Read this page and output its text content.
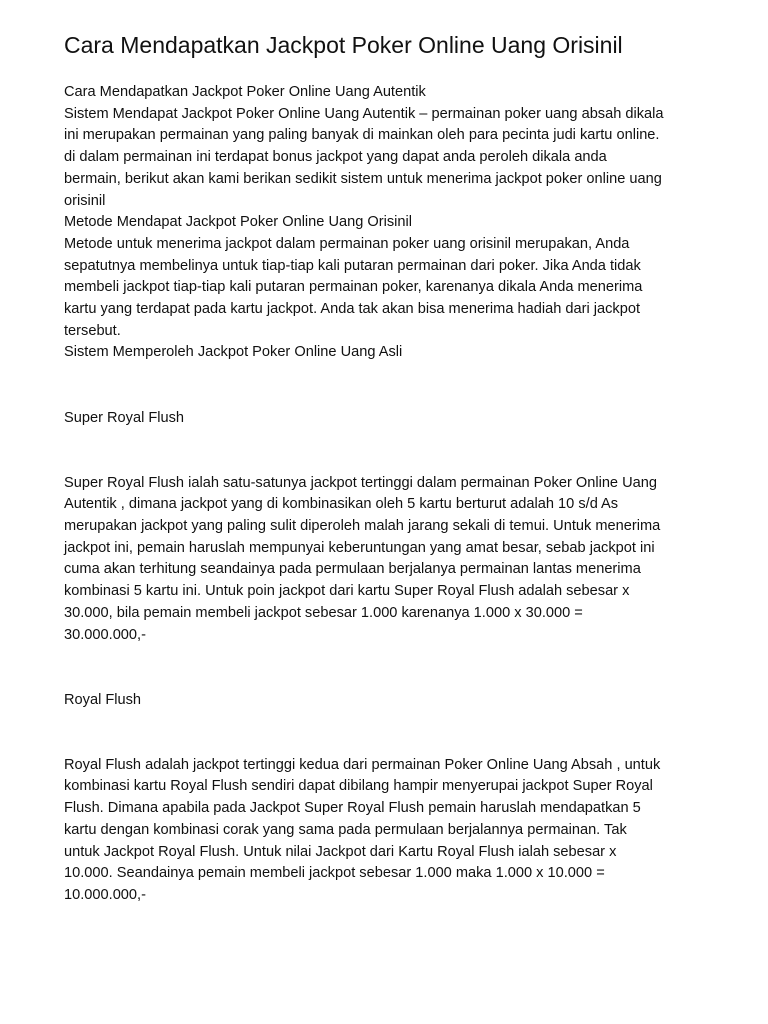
Cara Mendapatkan Jackpot Poker Online Uang Orisinil
Cara Mendapatkan Jackpot Poker Online Uang Autentik
Sistem Mendapat Jackpot Poker Online Uang Autentik – permainan poker uang absah dikala
ini merupakan permainan yang paling banyak di mainkan oleh para pecinta judi kartu online.
di dalam permainan ini terdapat bonus jackpot yang dapat anda peroleh dikala anda
bermain, berikut akan kami berikan sedikit sistem untuk menerima jackpot poker online uang
orisinil
Metode Mendapat Jackpot Poker Online Uang Orisinil
Metode untuk menerima jackpot dalam permainan poker uang orisinil merupakan, Anda
sepatutnya membelinya untuk tiap-tiap kali putaran permainan dari poker. Jika Anda tidak
membeli jackpot tiap-tiap kali putaran permainan poker, karenanya dikala Anda menerima
kartu yang terdapat pada kartu jackpot. Anda tak akan bisa menerima hadiah dari jackpot
tersebut.
Sistem Memperoleh Jackpot Poker Online Uang Asli
Super Royal Flush
Super Royal Flush ialah satu-satunya jackpot tertinggi dalam permainan Poker Online Uang
Autentik , dimana jackpot yang di kombinasikan oleh 5 kartu berturut adalah 10 s/d As
merupakan jackpot yang paling sulit diperoleh malah jarang sekali di temui. Untuk menerima
jackpot ini, pemain haruslah mempunyai keberuntungan yang amat besar, sebab jackpot ini
cuma akan terhitung seandainya pada permulaan berjalanya permainan lantas menerima
kombinasi 5 kartu ini. Untuk poin jackpot dari kartu Super Royal Flush adalah sebesar x
30.000, bila pemain membeli jackpot sebesar 1.000 karenanya 1.000 x 30.000 =
30.000.000,-
Royal Flush
Royal Flush adalah jackpot tertinggi kedua dari permainan Poker Online Uang Absah , untuk
kombinasi kartu Royal Flush sendiri dapat dibilang hampir menyerupai jackpot Super Royal
Flush. Dimana apabila pada Jackpot Super Royal Flush pemain haruslah mendapatkan 5
kartu dengan kombinasi corak yang sama pada permulaan berjalannya permainan. Tak
untuk Jackpot Royal Flush. Untuk nilai Jackpot dari Kartu Royal Flush ialah sebesar x
10.000. Seandainya pemain membeli jackpot sebesar 1.000 maka 1.000 x 10.000 =
10.000.000,-
